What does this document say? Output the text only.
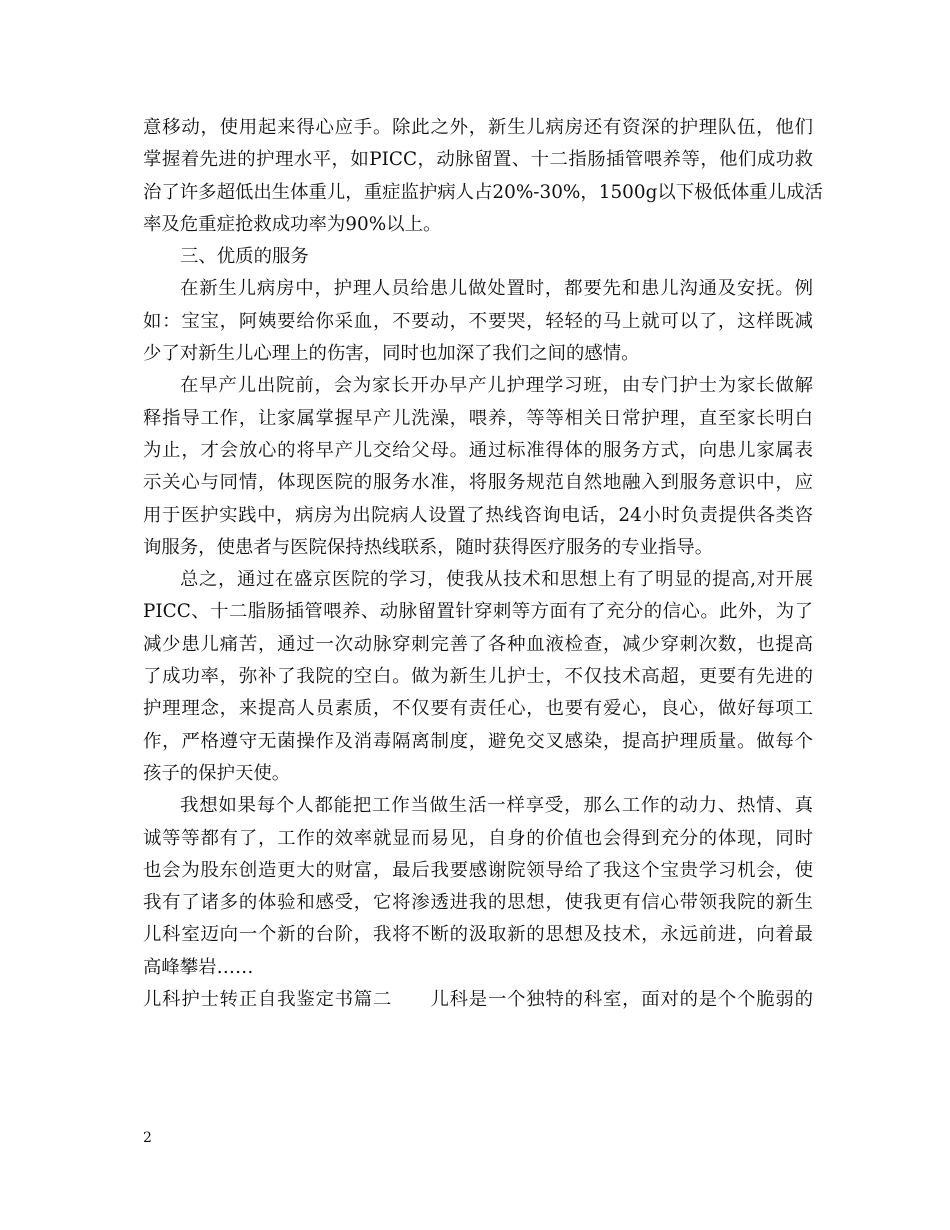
意移动，使用起来得心应手。除此之外，新生儿病房还有资深的护理队伍，他们
掌握着先进的护理水平，如PICC，动脉留置、十二指肠插管喂养等，他们成功救
治了许多超低出生体重儿，重症监护病人占20%-30%，1500g以下极低体重儿成活
率及危重症抢救成功率为90%以上。
三、优质的服务
在新生儿病房中，护理人员给患儿做处置时，都要先和患儿沟通及安抚。例
如：宝宝，阿姨要给你采血，不要动，不要哭，轻轻的马上就可以了，这样既减
少了对新生儿心理上的伤害，同时也加深了我们之间的感情。
在早产儿出院前，会为家长开办早产儿护理学习班，由专门护士为家长做解
释指导工作，让家属掌握早产儿洗澡，喂养，等等相关日常护理，直至家长明白
为止，才会放心的将早产儿交给父母。通过标准得体的服务方式，向患儿家属表
示关心与同情，体现医院的服务水准，将服务规范自然地融入到服务意识中，应
用于医护实践中，病房为出院病人设置了热线咨询电话，24小时负责提供各类咨
询服务，使患者与医院保持热线联系，随时获得医疗服务的专业指导。
总之，通过在盛京医院的学习，使我从技术和思想上有了明显的提高,对开展
PICC、十二脂肠插管喂养、动脉留置针穿刺等方面有了充分的信心。此外，为了
减少患儿痛苦，通过一次动脉穿刺完善了各种血液检查，减少穿刺次数，也提高
了成功率，弥补了我院的空白。做为新生儿护士，不仅技术高超，更要有先进的
护理理念，来提高人员素质，不仅要有责任心，也要有爱心，良心，做好每项工
作，严格遵守无菌操作及消毒隔离制度，避免交叉感染，提高护理质量。做每个
孩子的保护天使。
我想如果每个人都能把工作当做生活一样享受，那么工作的动力、热情、真
诚等等都有了，工作的效率就显而易见，自身的价值也会得到充分的体现，同时
也会为股东创造更大的财富，最后我要感谢院领导给了我这个宝贵学习机会，使
我有了诸多的体验和感受，它将渗透进我的思想，使我更有信心带领我院的新生
儿科室迈向一个新的台阶，我将不断的汲取新的思想及技术，永远前进，向着最
高峰攀岩……
儿科护士转正自我鉴定书篇二　　儿科是一个独特的科室，面对的是个个脆弱的
2
